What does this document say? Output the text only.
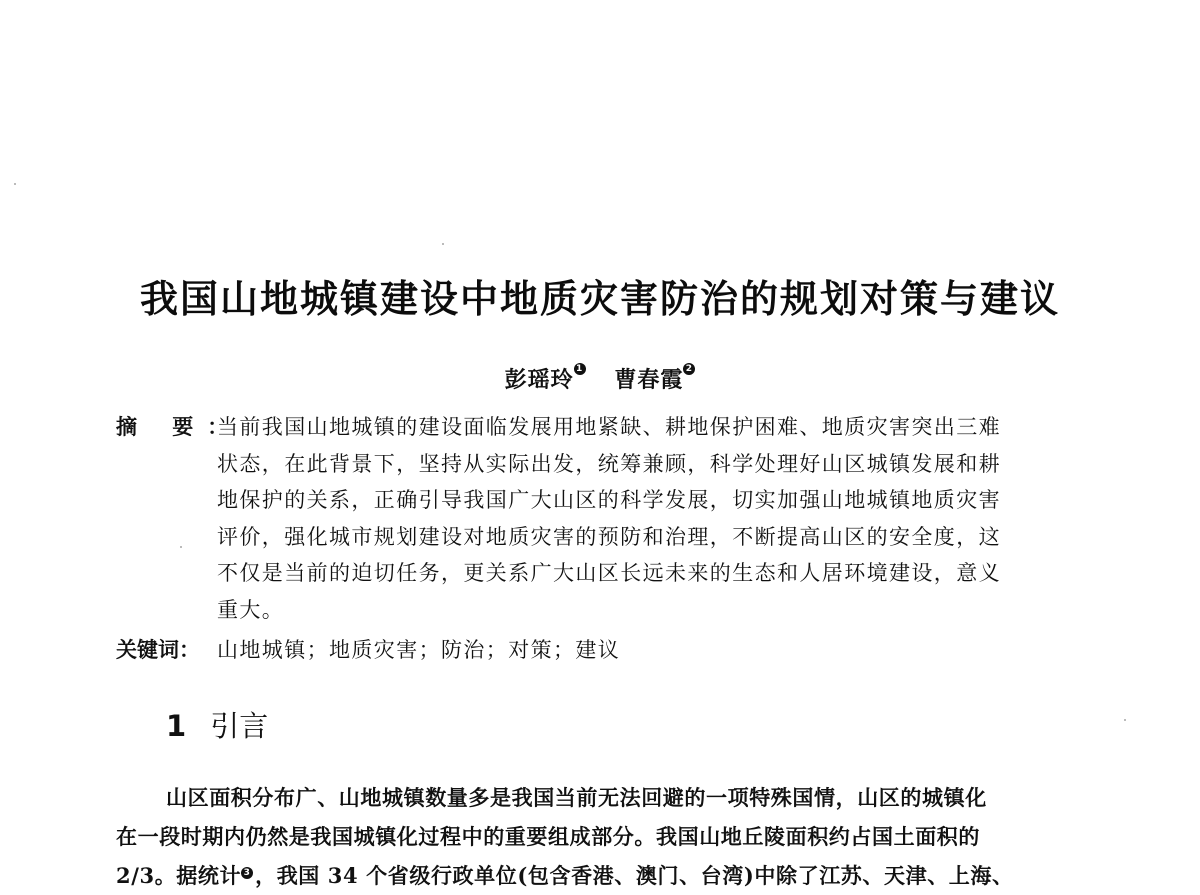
我国山地城镇建设中地质灾害防治的规划对策与建议
彭瑶玲 $^1$ 曹春霞 $^2$
摘 要：
当前我国山地城镇的建设面临发展用地紧缺、耕地保护困难、地质灾害突出三难
状态，在此背景下，坚持从实际出发，统筹兼顾，科学处理好山区城镇发展和耕
地保护的关系，正确引导我国广大山区的科学发展，切实加强山地城镇地质灾害
评价，强化城市规划建设对地质灾害的预防和治理，不断提高山区的安全度，这
不仅是当前的迫切任务，更关系广大山区长远未来的生态和人居环境建设，意义
重大。
关键词： 山地城镇；地质灾害；防治；对策；建议
1 引言
山区面积分布广、山地城镇数量多是我国当前无法回避的一项特殊国情，山区的城镇化
在一段时期内仍然是我国城镇化过程中的重要组成部分。我国山地丘陵面积约占国土面积的
2/3。据统计 3 ，我国 34 个省级行政单位(包含香港、澳门、台湾)中除了江苏、天津、上海、
